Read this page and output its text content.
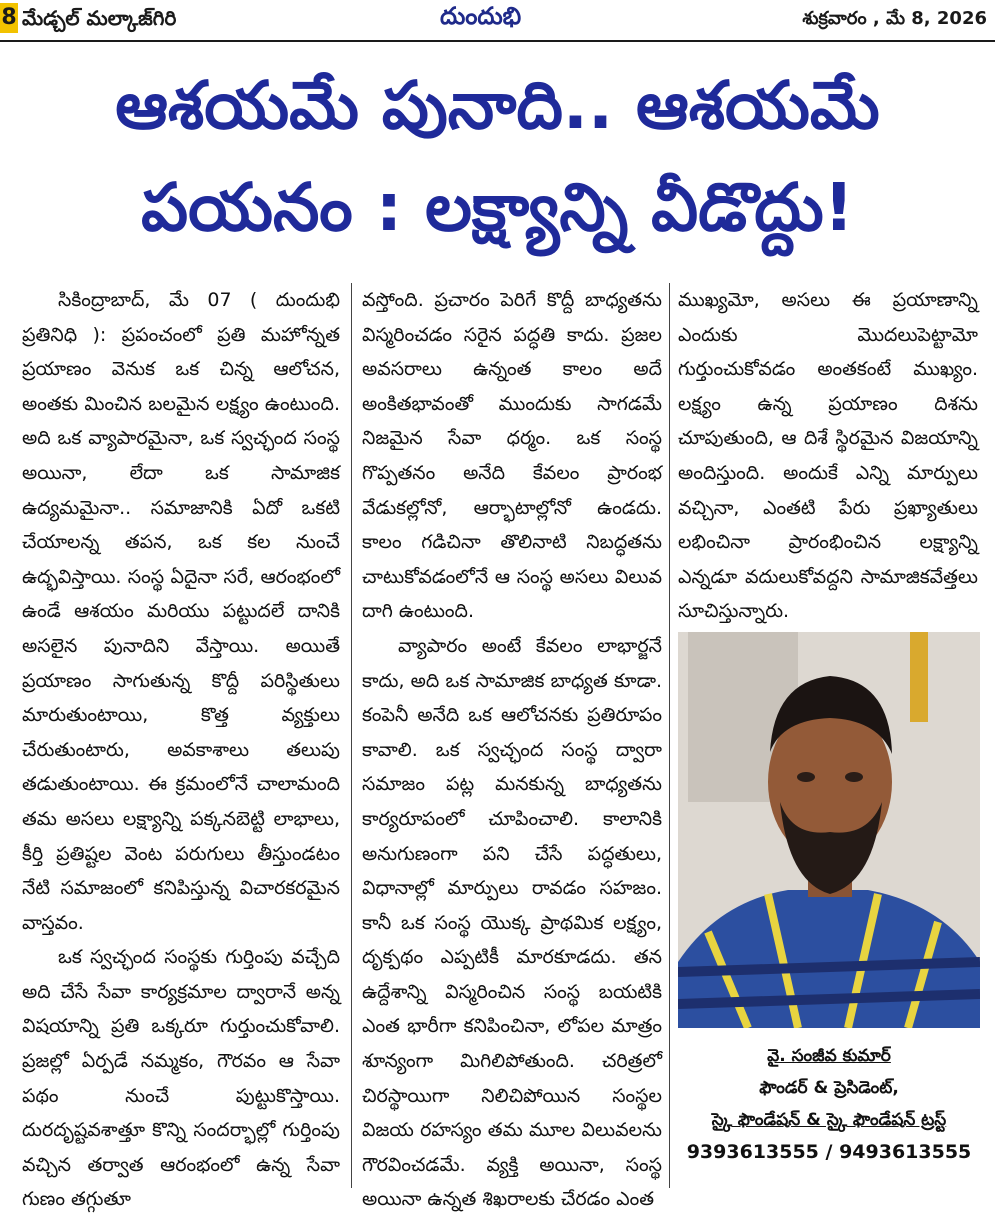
8 మేడ్చల్ మల్కాజ్‌గిరి	దుందుభి	శుక్రవారం , మే 8, 2026
ఆశయమే పునాది.. ఆశయమే పయనం : లక్ష్యాన్ని వీడొద్దు!

సికింద్రాబాద్, మే 07 ( దుందుభి ప్రతినిధి ): ప్రపంచంలో ప్రతి మహోన్నత ప్రయాణం వెనుక ఒక చిన్న ఆలోచన, అంతకు మించిన బలమైన లక్ష్యం ఉంటుంది. అది ఒక వ్యాపారమైనా, ఒక స్వచ్ఛంద సంస్థ అయినా, లేదా ఒక సామాజిక ఉద్యమమైనా.. సమాజానికి ఏదో ఒకటి చేయాలన్న తపన, ఒక కల నుంచే ఉద్భవిస్తాయి. సంస్థ ఏదైనా సరే, ఆరంభంలో ఉండే ఆశయం మరియు పట్టుదలే దానికి అసలైన పునాదిని వేస్తాయి. అయితే ప్రయాణం సాగుతున్న కొద్దీ పరిస్థితులు మారుతుంటాయి, కొత్త వ్యక్తులు చేరుతుంటారు, అవకాశాలు తలుపు తడుతుంటాయి. ఈ క్రమంలోనే చాలామంది తమ అసలు లక్ష్యాన్ని పక్కనబెట్టి లాభాలు, కీర్తి ప్రతిష్టల వెంట పరుగులు తీస్తుండటం నేటి సమాజంలో కనిపిస్తున్న విచారకరమైన వాస్తవం.

ఒక స్వచ్ఛంద సంస్థకు గుర్తింపు వచ్చేది అది చేసే సేవా కార్యక్రమాల ద్వారానే అన్న విషయాన్ని ప్రతి ఒక్కరూ గుర్తుంచుకోవాలి. ప్రజల్లో ఏర్పడే నమ్మకం, గౌరవం ఆ సేవా పథం నుంచే పుట్టుకొస్తాయి. దురదృష్టవశాత్తూ కొన్ని సందర్భాల్లో గుర్తింపు వచ్చిన తర్వాత ఆరంభంలో ఉన్న సేవా గుణం తగ్గుతూ

వస్తోంది. ప్రచారం పెరిగే కొద్దీ బాధ్యతను విస్మరించడం సరైన పద్ధతి కాదు. ప్రజల అవసరాలు ఉన్నంత కాలం అదే అంకితభావంతో ముందుకు సాగడమే నిజమైన సేవా ధర్మం. ఒక సంస్థ గొప్పతనం అనేది కేవలం ప్రారంభ వేడుకల్లోనో, ఆర్భాటాల్లోనో ఉండదు. కాలం గడిచినా తొలినాటి నిబద్ధతను చాటుకోవడంలోనే ఆ సంస్థ అసలు విలువ దాగి ఉంటుంది.

వ్యాపారం అంటే కేవలం లాభార్జనే కాదు, అది ఒక సామాజిక బాధ్యత కూడా. కంపెనీ అనేది ఒక ఆలోచనకు ప్రతిరూపం కావాలి. ఒక స్వచ్ఛంద సంస్థ ద్వారా సమాజం పట్ల మనకున్న బాధ్యతను కార్యరూపంలో చూపించాలి. కాలానికి అనుగుణంగా పని చేసే పద్ధతులు, విధానాల్లో మార్పులు రావడం సహజం. కానీ ఒక సంస్థ యొక్క ప్రాథమిక లక్ష్యం, దృక్పథం ఎప్పటికీ మారకూడదు. తన ఉద్దేశాన్ని విస్మరించిన సంస్థ బయటికి ఎంత భారీగా కనిపించినా, లోపల మాత్రం శూన్యంగా మిగిలిపోతుంది. చరిత్రలో చిరస్థాయిగా నిలిచిపోయిన సంస్థల విజయ రహస్యం తమ మూల విలువలను గౌరవించడమే. వ్యక్తి అయినా, సంస్థ అయినా ఉన్నత శిఖరాలకు చేరడం ఎంత

ముఖ్యమో, అసలు ఈ ప్రయాణాన్ని ఎందుకు మొదలుపెట్టామో గుర్తుంచుకోవడం అంతకంటే ముఖ్యం. లక్ష్యం ఉన్న ప్రయాణం దిశను చూపుతుంది, ఆ దిశే స్థిరమైన విజయాన్ని అందిస్తుంది. అందుకే ఎన్ని మార్పులు వచ్చినా, ఎంతటి పేరు ప్రఖ్యాతులు లభించినా ప్రారంభించిన లక్ష్యాన్ని ఎన్నడూ వదులుకోవద్దని సామాజికవేత్తలు సూచిస్తున్నారు.

వై. సంజీవ కుమార్
ఫౌండర్ & ప్రెసిడెంట్,
స్కై ఫౌండేషన్ & స్కై ఫౌండేషన్ ట్రస్ట్
9393613555 / 9493613555
